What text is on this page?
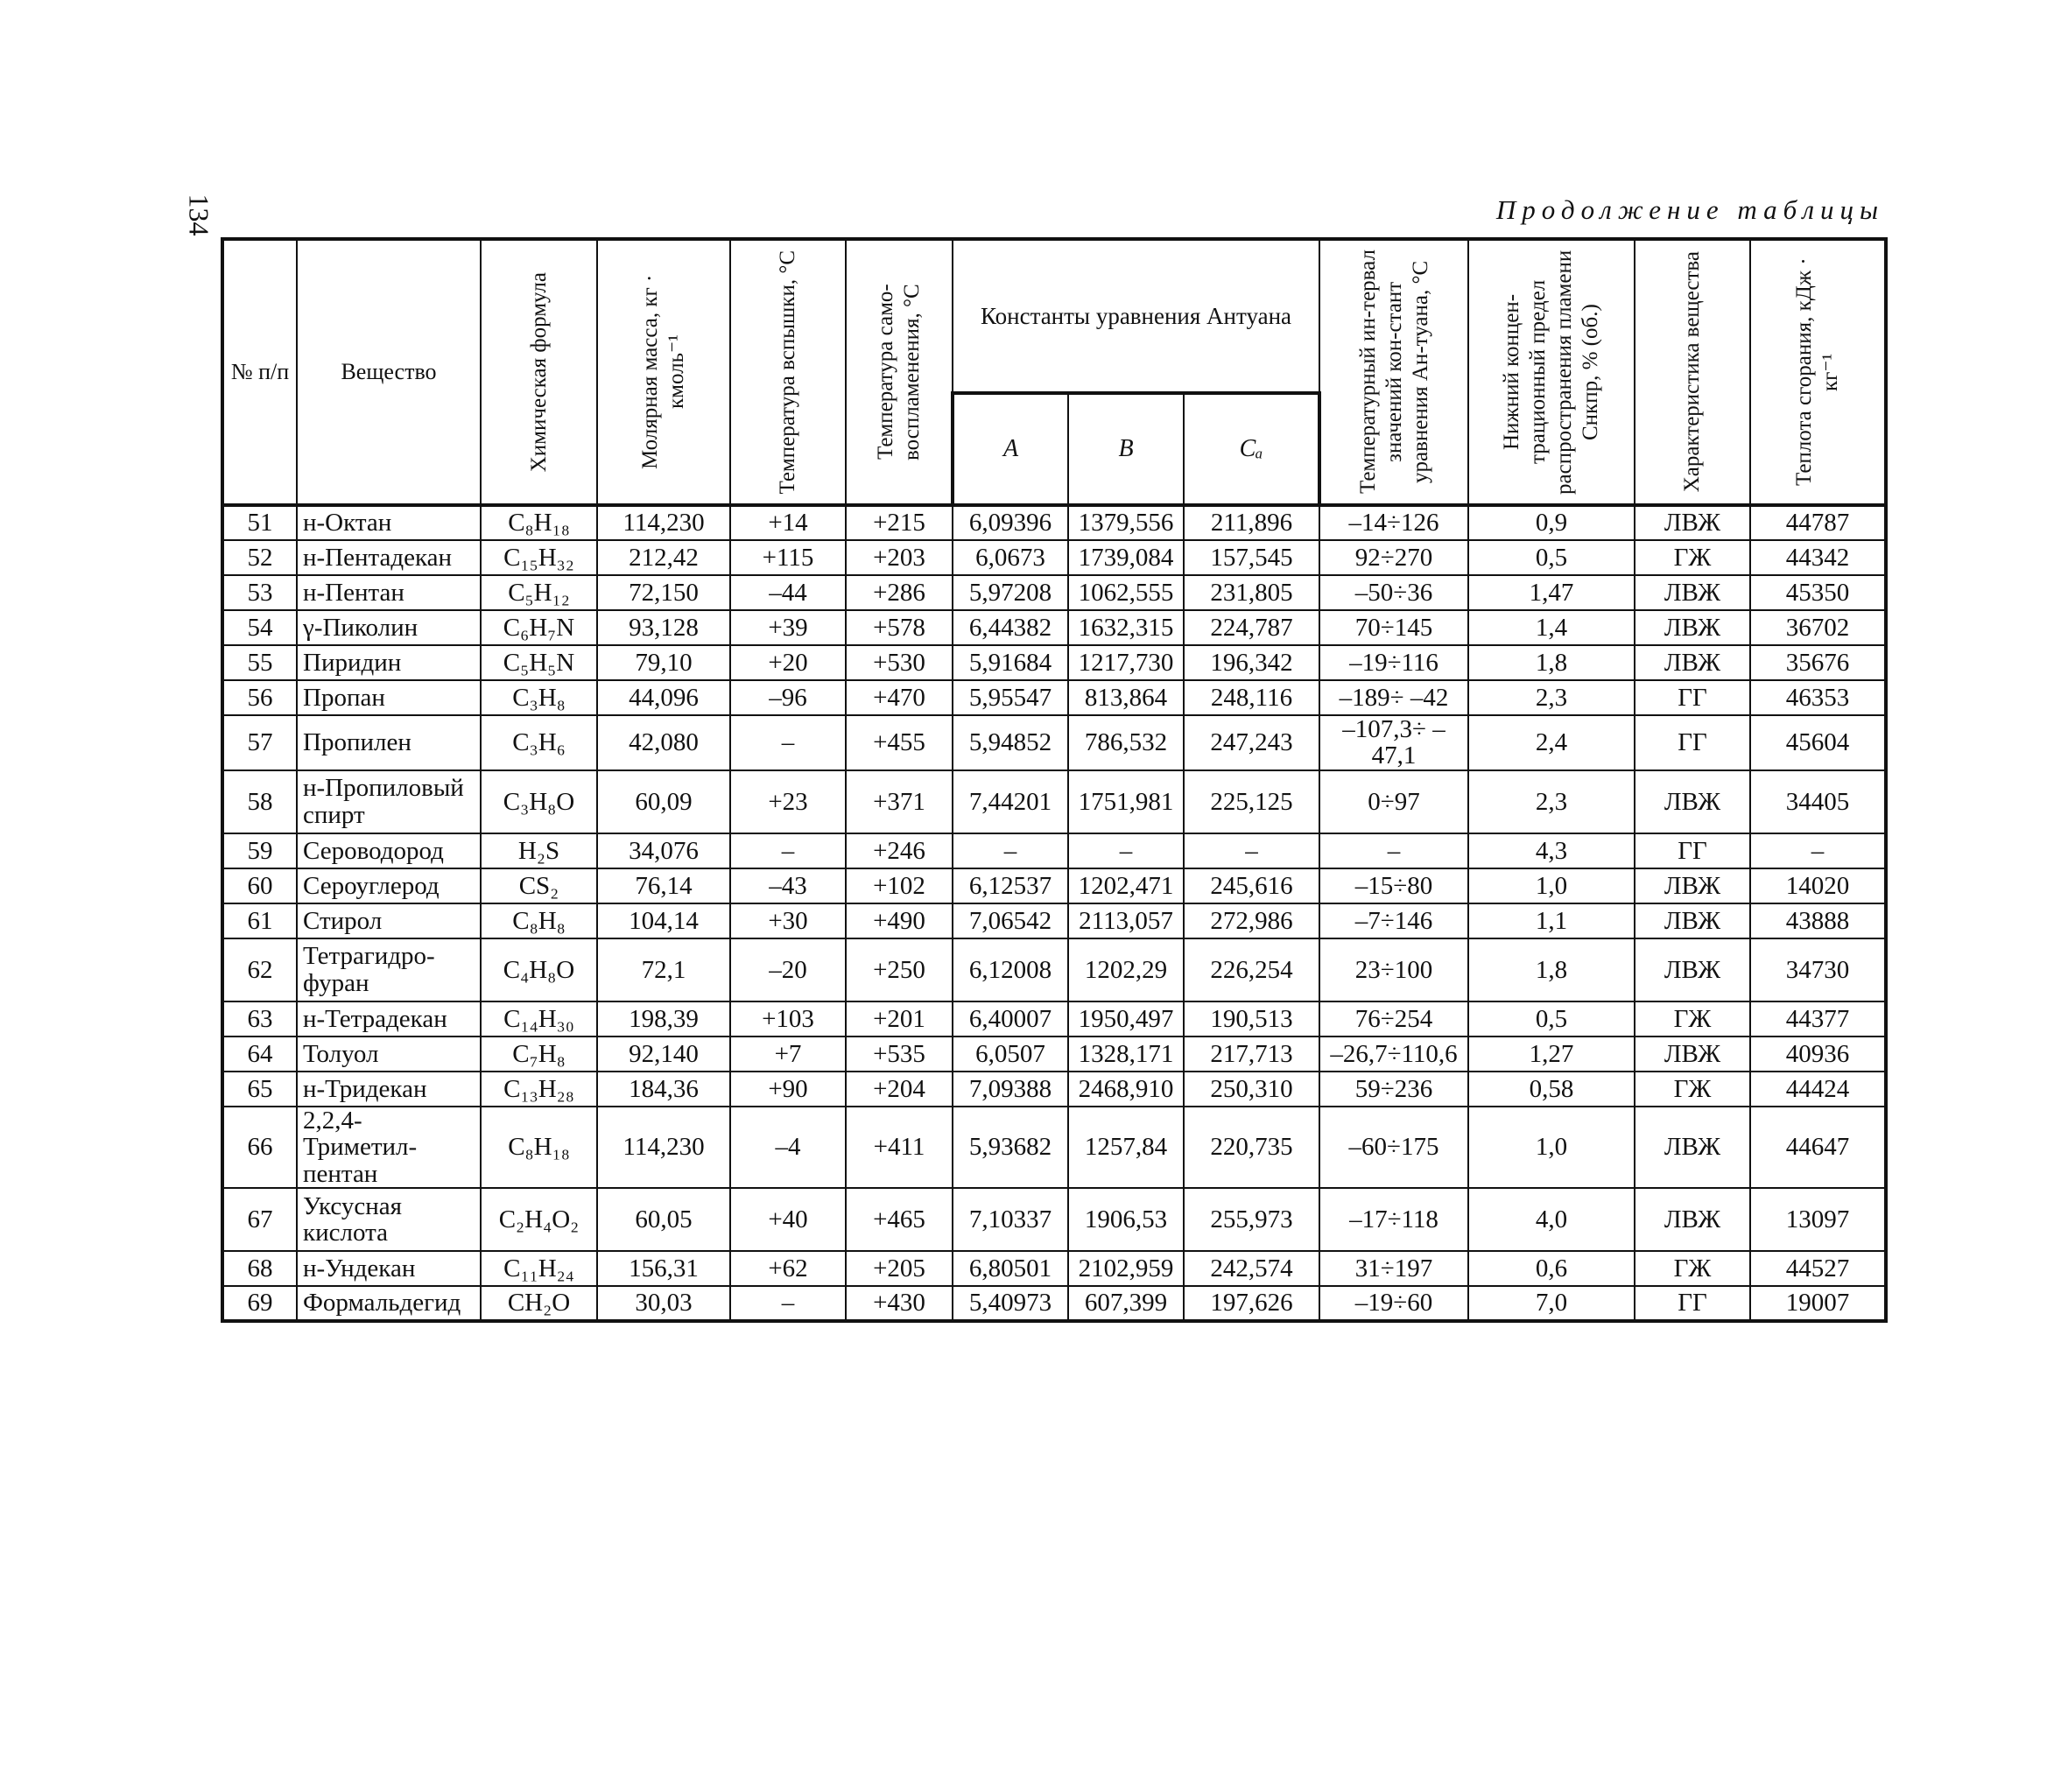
134	Продолжение таблицы
№ п/п	Вещество	Химическая формула	Молярная масса, кг · кмоль⁻¹	Температура вспышки, °С	Температура само-воспламенения, °С	Константы уравнения Антуана			Температурный ин-тервал значений кон-стант уравнения Ан-туана, °С	Нижний концен-трационный предел распространения пламени Снкпр, % (об.)	Характеристика вещества	Теплота сгорания, кДж · кг⁻¹

						A	B	Cₐ				
51	н-Октан	C₈H₁₈	114,230	+14	+215	6,09396	1379,556	211,896	–14÷126	0,9	ЛВЖ	44787
52	н-Пентадекан	C₁₅H₃₂	212,42	+115	+203	6,0673	1739,084	157,545	92÷270	0,5	ГЖ	44342
53	н-Пентан	C₅H₁₂	72,150	–44	+286	5,97208	1062,555	231,805	–50÷36	1,47	ЛВЖ	45350
54	γ-Пиколин	C₆H₇N	93,128	+39	+578	6,44382	1632,315	224,787	70÷145	1,4	ЛВЖ	36702
55	Пиридин	C₅H₅N	79,10	+20	+530	5,91684	1217,730	196,342	–19÷116	1,8	ЛВЖ	35676
56	Пропан	C₃H₈	44,096	–96	+470	5,95547	813,864	248,116	–189÷ –42	2,3	ГГ	46353
57	Пропилен	C₃H₆	42,080	–	+455	5,94852	786,532	247,243	–107,3÷ –47,1	2,4	ГГ	45604
58	н-Пропиловый спирт	C₃H₈O	60,09	+23	+371	7,44201	1751,981	225,125	0÷97	2,3	ЛВЖ	34405
59	Сероводород	H₂S	34,076	–	+246	–	–	–	–	4,3	ГГ	–
60	Сероуглерод	CS₂	76,14	–43	+102	6,12537	1202,471	245,616	–15÷80	1,0	ЛВЖ	14020
61	Стирол	C₈H₈	104,14	+30	+490	7,06542	2113,057	272,986	–7÷146	1,1	ЛВЖ	43888
62	Тетрагидро-фуран	C₄H₈O	72,1	–20	+250	6,12008	1202,29	226,254	23÷100	1,8	ЛВЖ	34730
63	н-Тетрадекан	C₁₄H₃₀	198,39	+103	+201	6,40007	1950,497	190,513	76÷254	0,5	ГЖ	44377
64	Толуол	C₇H₈	92,140	+7	+535	6,0507	1328,171	217,713	–26,7÷110,6	1,27	ЛВЖ	40936
65	н-Тридекан	C₁₃H₂₈	184,36	+90	+204	7,09388	2468,910	250,310	59÷236	0,58	ГЖ	44424
66	2,2,4-Триметил-пентан	C₈H₁₈	114,230	–4	+411	5,93682	1257,84	220,735	–60÷175	1,0	ЛВЖ	44647
67	Уксусная кислота	C₂H₄O₂	60,05	+40	+465	7,10337	1906,53	255,973	–17÷118	4,0	ЛВЖ	13097
68	н-Ундекан	C₁₁H₂₄	156,31	+62	+205	6,80501	2102,959	242,574	31÷197	0,6	ГЖ	44527
69	Формальдегид	CH₂O	30,03	–	+430	5,40973	607,399	197,626	–19÷60	7,0	ГГ	19007
